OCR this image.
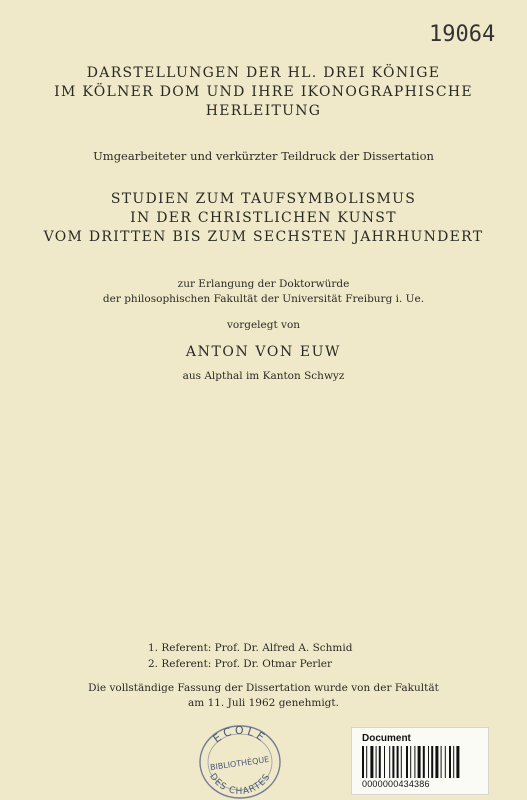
19064
DARSTELLUNGEN DER HL. DREI KÖNIGE
IM KÖLNER DOM UND IHRE IKONOGRAPHISCHE
HERLEITUNG
Umgearbeiteter und verkürzter Teildruck der Dissertation
STUDIEN ZUM TAUFSYMBOLISMUS
IN DER CHRISTLICHEN KUNST
VOM DRITTEN BIS ZUM SECHSTEN JAHRHUNDERT
zur Erlangung der Doktorwürde
der philosophischen Fakultät der Universität Freiburg i. Ue.
vorgelegt von
ANTON VON EUW
aus Alpthal im Kanton Schwyz
1. Referent: Prof. Dr. Alfred A. Schmid
2. Referent: Prof. Dr. Otmar Perler
Die vollständige Fassung der Dissertation wurde von der Fakultät
am 11. Juli 1962 genehmigt.
ECOLE
BIBLIOTHÈQUE
DES CHARTES
Document
0000000434386
